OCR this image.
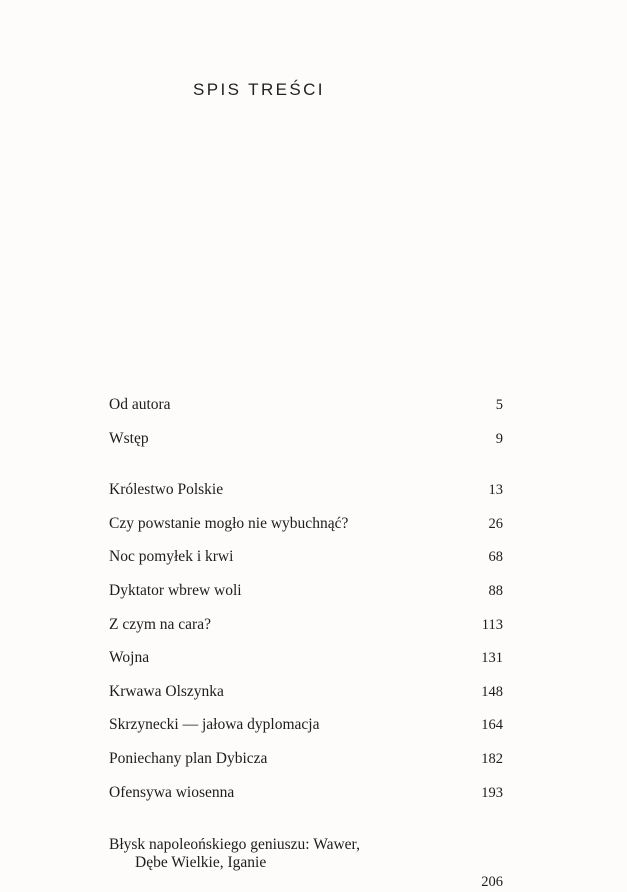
SPIS TREŚCI
Od autora	5
Wstęp	9
Królestwo Polskie	13
Czy powstanie mogło nie wybuchnąć?	26
Noc pomyłek i krwi	68
Dyktator wbrew woli	88
Z czym na cara?	113
Wojna	131
Krwawa Olszynka	148
Skrzynecki — jałowa dyplomacja	164
Poniechany plan Dybicza	182
Ofensywa wiosenna	193

Błysk napoleońskiego geniuszu: Wawer,

Dębe Wielkie, Iganie

206
